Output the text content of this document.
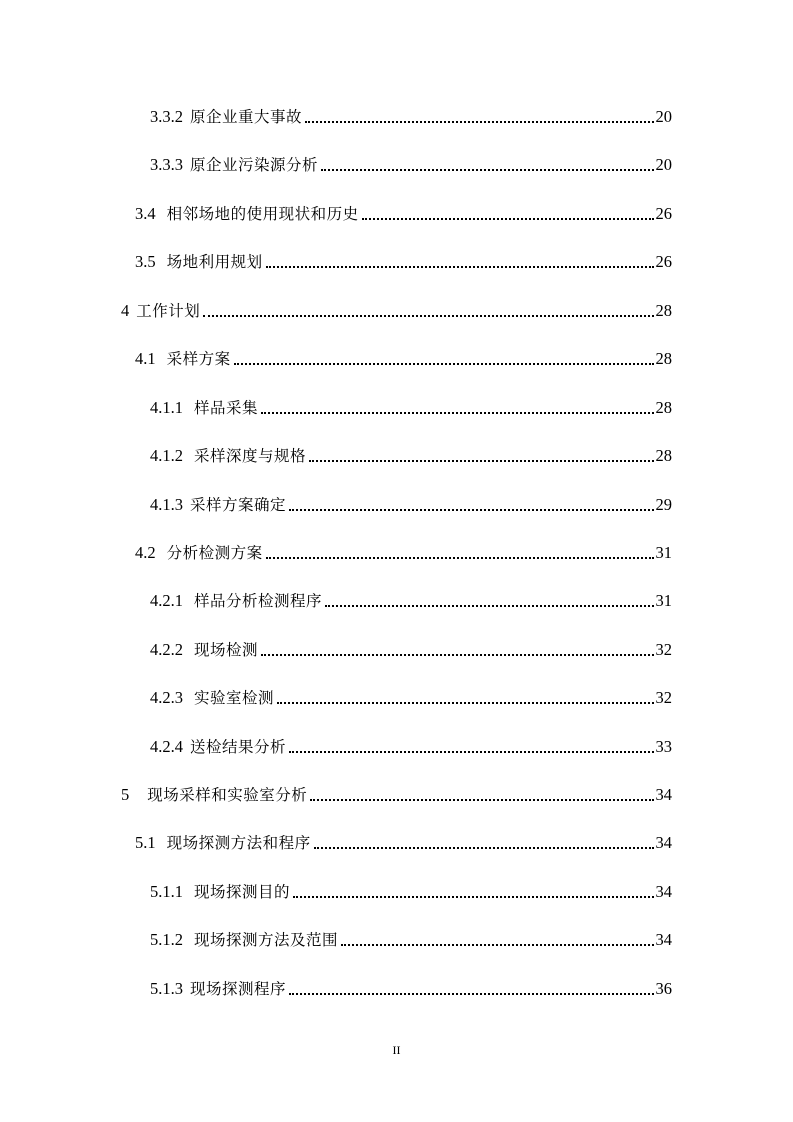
3.3.2 原企业重大事故	20
3.3.3 原企业污染源分析	20
3.4 相邻场地的使用现状和历史	26
3.5 场地利用规划	26
4 工作计划	28
4.1 采样方案	28
4.1.1 样品采集	28
4.1.2 采样深度与规格	28
4.1.3 采样方案确定	29
4.2 分析检测方案	31
4.2.1 样品分析检测程序	31
4.2.2 现场检测	32
4.2.3 实验室检测	32
4.2.4 送检结果分析	33
5 现场采样和实验室分析	34
5.1 现场探测方法和程序	34
5.1.1 现场探测目的	34
5.1.2 现场探测方法及范围	34
5.1.3 现场探测程序	36
II
